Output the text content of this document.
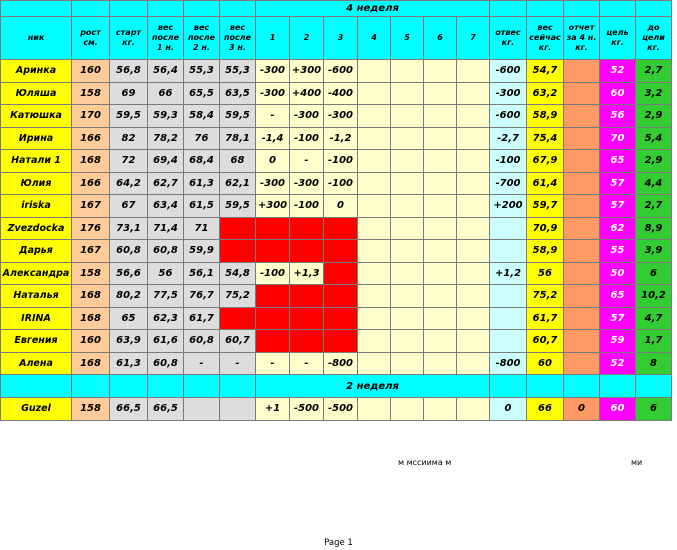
						4 неделя											
ник	рост см.	старт кг.	вес после 1 н.	вес после 2 н.	вес после 3 н.	1	2	3	4	5	6	7	отвес кг.	вес сейчас кг.	отчет за 4 н. кг.	цель кг.	до цели кг.
Аринка	160	56,8	56,4	55,3	55,3	-300	+300	-600					-600	54,7		52	2,7
Юляша	158	69	66	65,5	63,5	-300	+400	-400					-300	63,2		60	3,2
Катюшка	170	59,5	59,3	58,4	59,5	-	-300	-300					-600	58,9		56	2,9
Ирина	166	82	78,2	76	78,1	-1,4	-100	-1,2					-2,7	75,4		70	5,4
Натали 1	168	72	69,4	68,4	68	0	-	-100					-100	67,9		65	2,9
Юлия	166	64,2	62,7	61,3	62,1	-300	-300	-100					-700	61,4		57	4,4
iriska	167	67	63,4	61,5	59,5	+300	-100	0					+200	59,7		57	2,7
Zvezdocka	176	73,1	71,4	71										70,9		62	8,9
Дарья	167	60,8	60,8	59,9										58,9		55	3,9
Александра	158	56,6	56	56,1	54,8	-100	+1,3						+1,2	56		50	6
Наталья	168	80,2	77,5	76,7	75,2									75,2		65	10,2
IRINA	168	65	62,3	61,7										61,7		57	4,7
Евгения	160	63,9	61,6	60,8	60,7									60,7		59	1,7
Алена	168	61,3	60,8	-	-	-	-	-800					-800	60		52	8
						2 неделя											
Guzel	158	66,5	66,5			+1	-500	-500					0	66	0	60	6
м мссиима м	ми
Page 1
